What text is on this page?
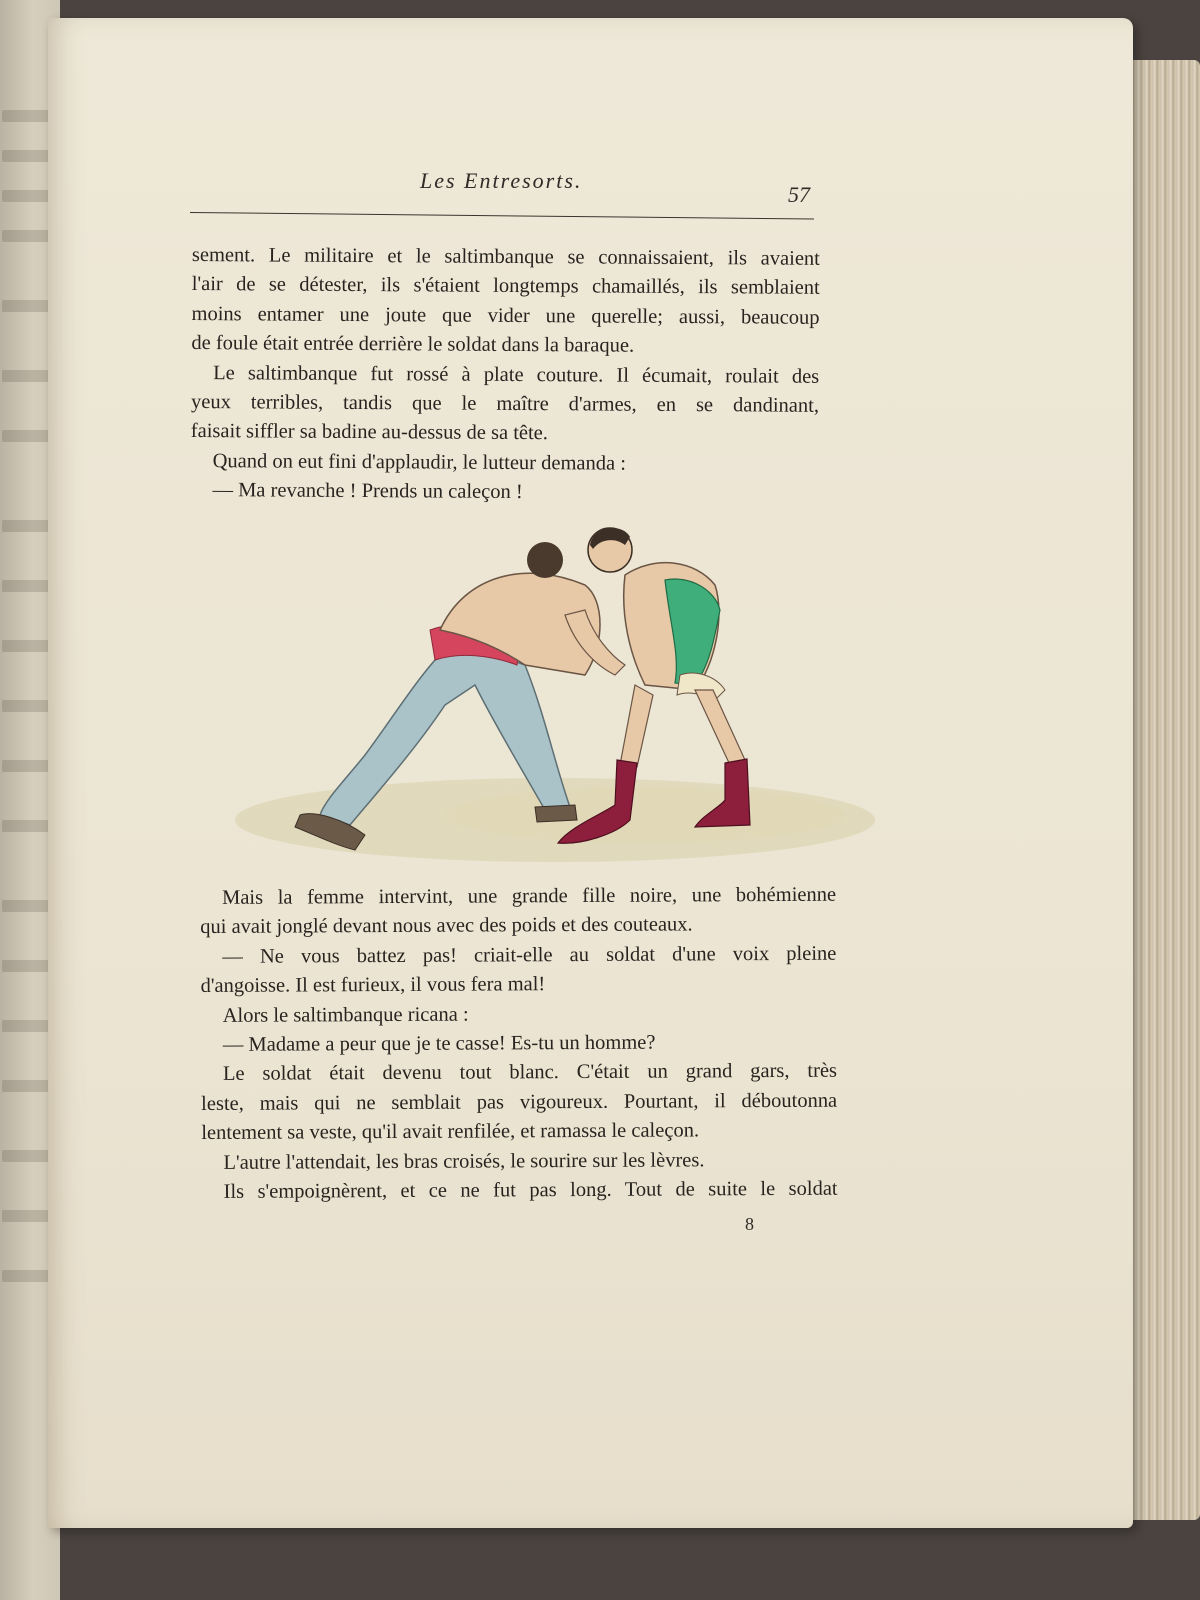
Les Entresorts.
57
sement. Le militaire et le saltimbanque se connaissaient, ils avaient
l'air de se détester, ils s'étaient longtemps chamaillés, ils semblaient
moins entamer une joute que vider une querelle; aussi, beaucoup
de foule était entrée derrière le soldat dans la baraque.
Le saltimbanque fut rossé à plate couture. Il écumait, roulait des
yeux terribles, tandis que le maître d'armes, en se dandinant,
faisait siffler sa badine au-dessus de sa tête.
Quand on eut fini d'applaudir, le lutteur demanda :
— Ma revanche ! Prends un caleçon !
Mais la femme intervint, une grande fille noire, une bohémienne
qui avait jonglé devant nous avec des poids et des couteaux.
— Ne vous battez pas! criait-elle au soldat d'une voix pleine
d'angoisse. Il est furieux, il vous fera mal!
Alors le saltimbanque ricana :
— Madame a peur que je te casse! Es-tu un homme?
Le soldat était devenu tout blanc. C'était un grand gars, très
leste, mais qui ne semblait pas vigoureux. Pourtant, il déboutonna
lentement sa veste, qu'il avait renfilée, et ramassa le caleçon.
L'autre l'attendait, les bras croisés, le sourire sur les lèvres.
Ils s'empoignèrent, et ce ne fut pas long. Tout de suite le soldat
8
